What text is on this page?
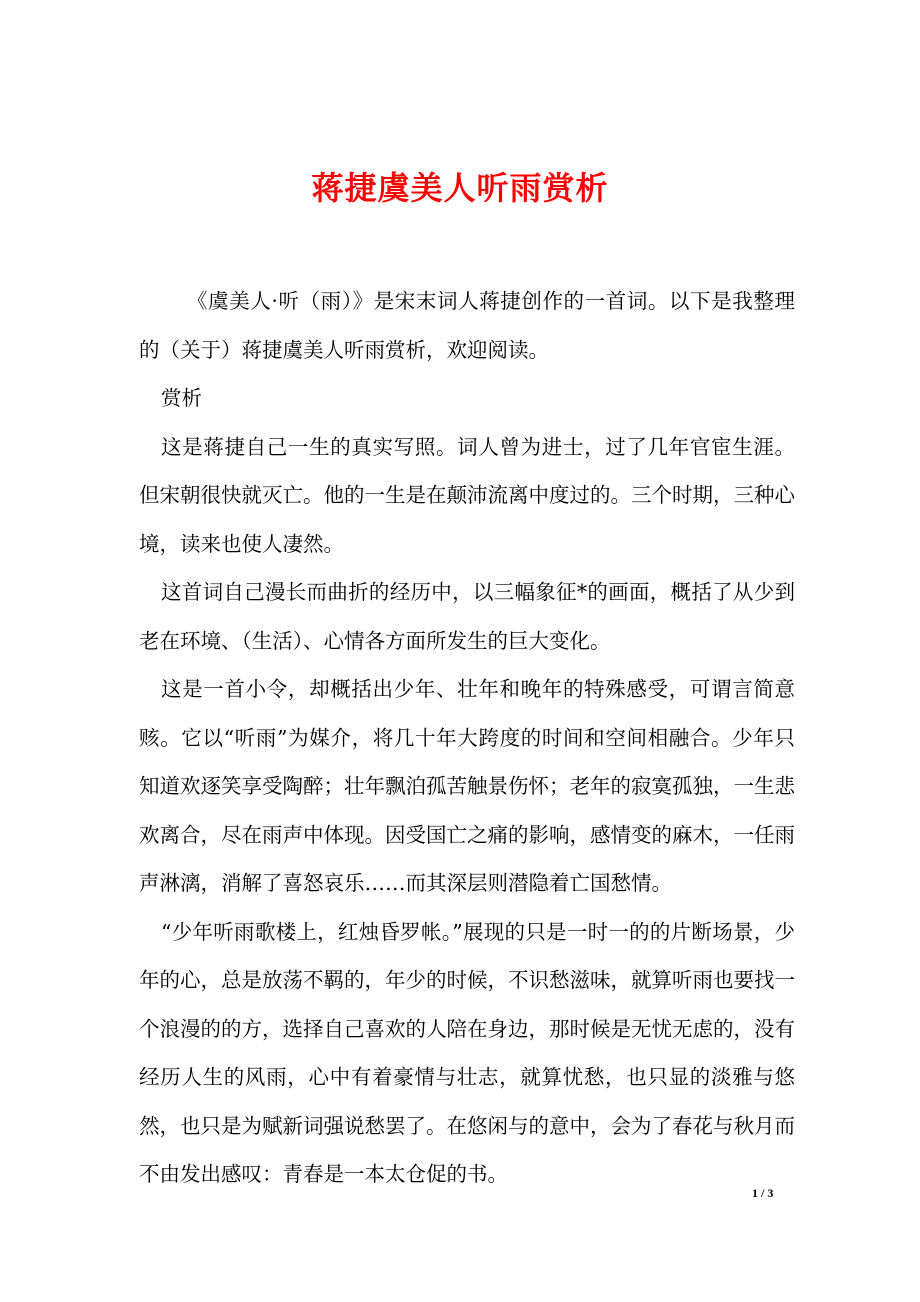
蒋捷虞美人听雨赏析

《虞美人·听（雨）》是宋末词人蒋捷创作的一首词。以下是我整理的（关于）蒋捷虞美人听雨赏析，欢迎阅读。

赏析

这是蒋捷自己一生的真实写照。词人曾为进士，过了几年官宦生涯。但宋朝很快就灭亡。他的一生是在颠沛流离中度过的。三个时期，三种心境，读来也使人凄然。

这首词自己漫长而曲折的经历中，以三幅象征*的画面，概括了从少到老在环境、（生活）、心情各方面所发生的巨大变化。

这是一首小令，却概括出少年、壮年和晚年的特殊感受，可谓言简意赅。它以“听雨”为媒介，将几十年大跨度的时间和空间相融合。少年只知道欢逐笑享受陶醉；壮年飘泊孤苦触景伤怀；老年的寂寞孤独，一生悲欢离合，尽在雨声中体现。因受国亡之痛的影响，感情变的麻木，一任雨声淋漓，消解了喜怒哀乐……而其深层则潜隐着亡国愁情。

“少年听雨歌楼上，红烛昏罗帐。”展现的只是一时一的的片断场景，少年的心，总是放荡不羁的，年少的时候，不识愁滋味，就算听雨也要找一个浪漫的的方，选择自己喜欢的人陪在身边，那时候是无忧无虑的，没有经历人生的风雨，心中有着豪情与壮志，就算忧愁，也只显的淡雅与悠然，也只是为赋新词强说愁罢了。在悠闲与的意中，会为了春花与秋月而不由发出感叹：青春是一本太仓促的书。

1 / 3
